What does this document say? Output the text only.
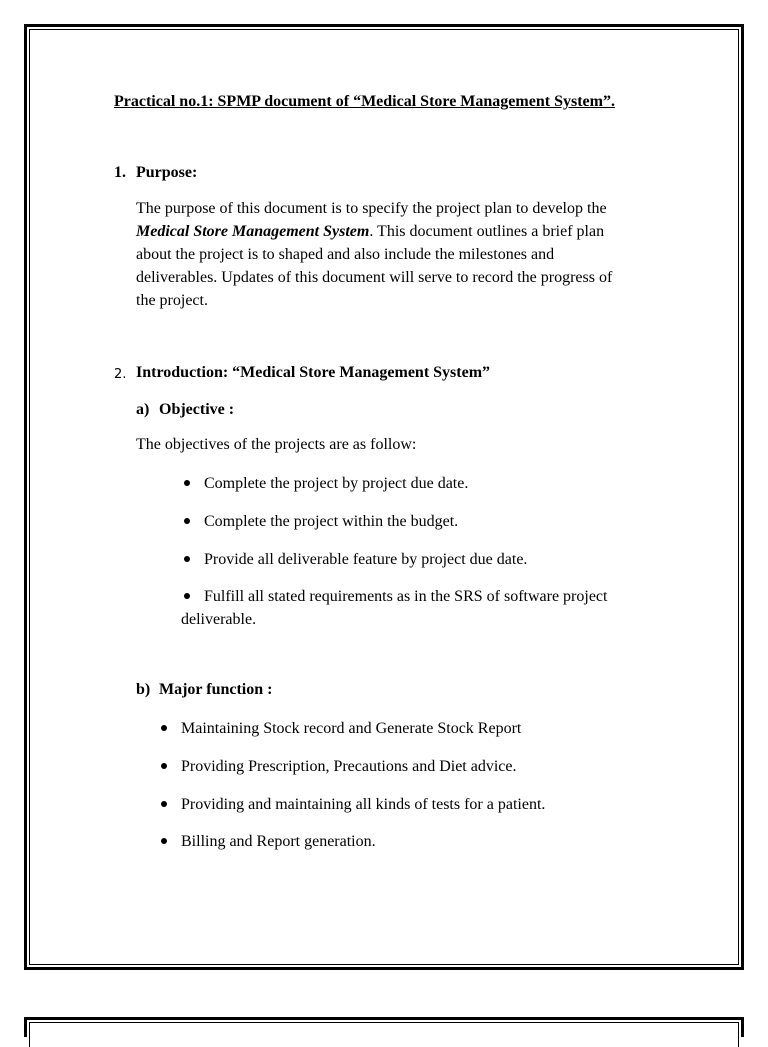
Practical no.1: SPMP document of “Medical Store Management System”.
1. Purpose:
The purpose of this document is to specify the project plan to develop the
Medical Store Management System. This document outlines a brief plan
about the project is to shaped and also include the milestones and
deliverables. Updates of this document will serve to record the progress of
the project.
2. Introduction: “Medical Store Management System”
a) Objective :
The objectives of the projects are as follow:
Complete the project by project due date.
Complete the project within the budget.
Provide all deliverable feature by project due date.
Fulfill all stated requirements as in the SRS of software project
deliverable.
b) Major function :
Maintaining Stock record and Generate Stock Report
Providing Prescription, Precautions and Diet advice.
Providing and maintaining all kinds of tests for a patient.
Billing and Report generation.
